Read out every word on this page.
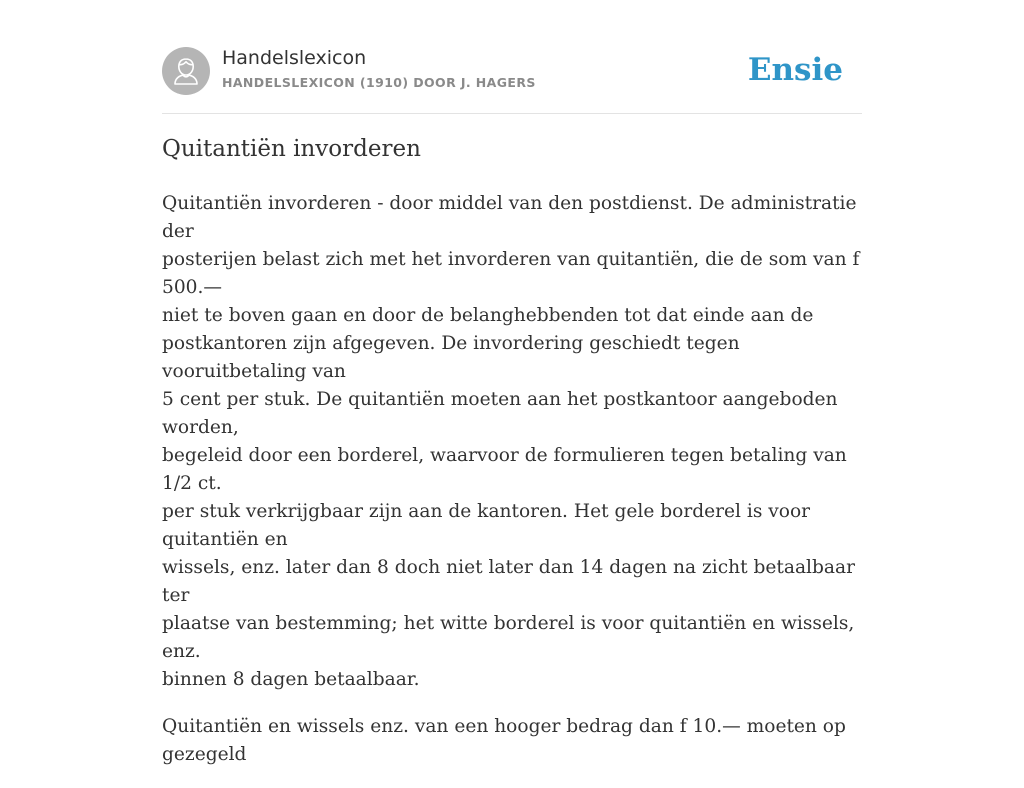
Handelslexicon
HANDELSLEXICON (1910) DOOR J. HAGERS	Ensie
Quitantiën invorderen

Quitantiën invorderen - door middel van den postdienst. De administratie der
posterijen belast zich met het invorderen van quitantiën, die de som van f 500.—
niet te boven gaan en door de belanghebbenden tot dat einde aan de
postkantoren zijn afgegeven. De invordering geschiedt tegen vooruitbetaling van
5 cent per stuk. De quitantiën moeten aan het postkantoor aangeboden worden,
begeleid door een borderel, waarvoor de formulieren tegen betaling van 1/2 ct.
per stuk verkrijgbaar zijn aan de kantoren. Het gele borderel is voor quitantiën en
wissels, enz. later dan 8 doch niet later dan 14 dagen na zicht betaalbaar ter
plaatse van bestemming; het witte borderel is voor quitantiën en wissels, enz.
binnen 8 dagen betaalbaar.

Quitantiën en wissels enz. van een hooger bedrag dan f 10.— moeten op gezegeld
